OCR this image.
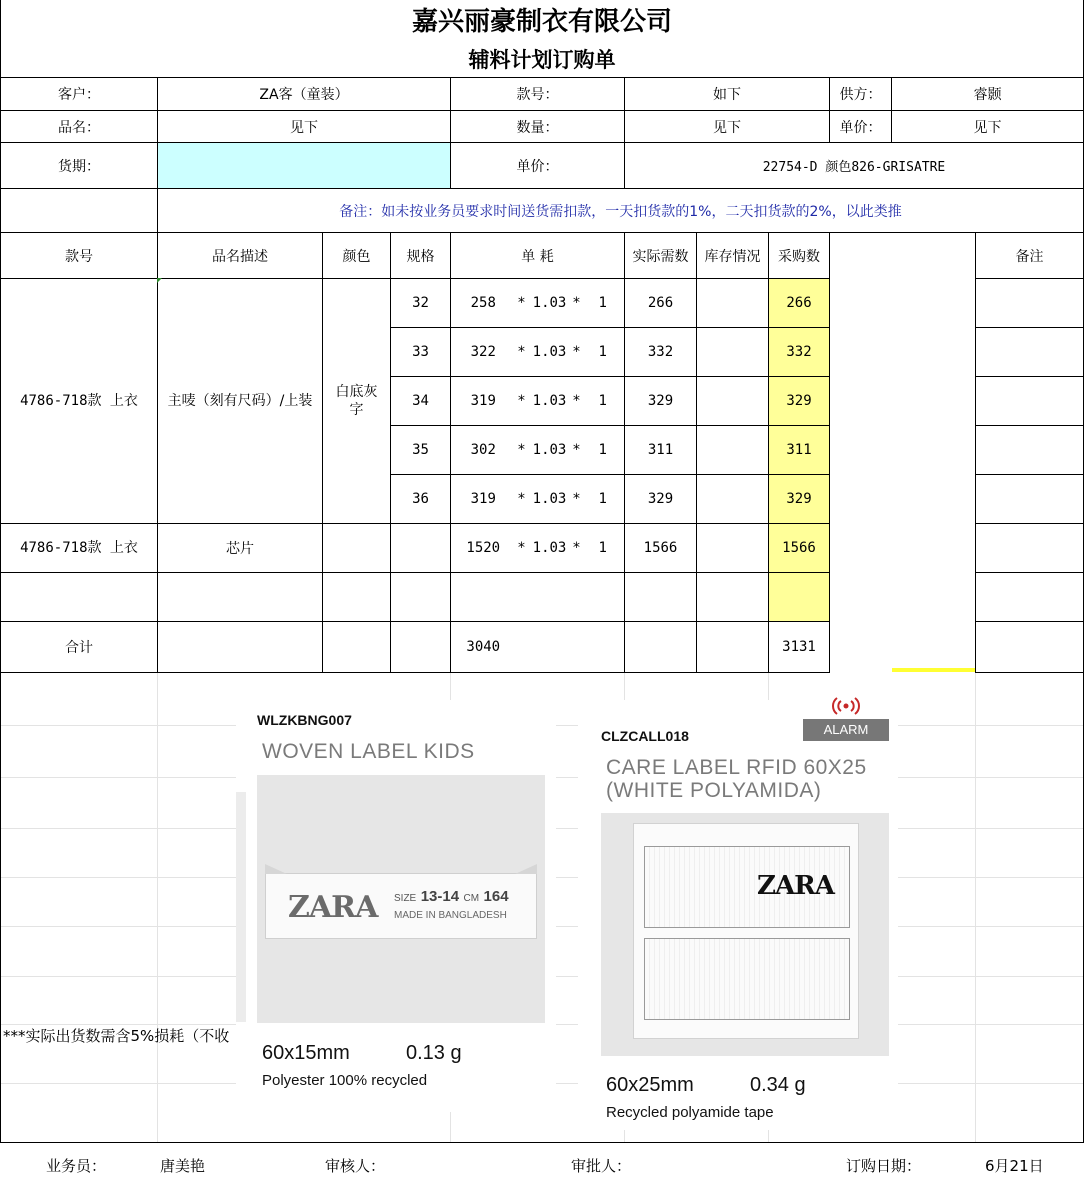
嘉兴丽豪制衣有限公司
辅料计划订购单
客户：	ZA客（童装）			款号：					如下			供方：	睿颢	
品名：	见下			数量：					见下			单价：	见下	
货期：				单价：					22754-D 颜色826-GRISATRE					
	备注：如未按业务员要求时间送货需扣款，一天扣货款的1%，二天扣货款的2%，以此类推													
款号	品名描述	颜色	规格	单 耗					实际需数	库存情况	采购数			备注
4786-718款 上衣	主唛（刻有尺码）/上装	白底灰字	32	258	*	1.03	*	1	266		266			
			33	322	*	1.03	*	1	332		332			
			34	319	*	1.03	*	1	329		329			
			35	302	*	1.03	*	1	311		311			
			36	319	*	1.03	*	1	329		329			
4786-718款 上衣	芯片			1520	*	1.03	*	1	1566		1566			

合计				3040							3131			
***实际出货数需含5%损耗（不收
WLZKBNG007
WOVEN LABEL KIDS
ZARA SIZE 13-14 CM 164
MADE IN BANGLADESH
60x15mm	0.13 g
Polyester 100% recycled
ALARM
CLZCALL018
CARE LABEL RFID 60X25
(WHITE POLYAMIDA)
ZARA
60x25mm	0.34 g
Recycled polyamide tape
业务员：	唐美艳	审核人：	审批人：	订购日期：	6月21日
